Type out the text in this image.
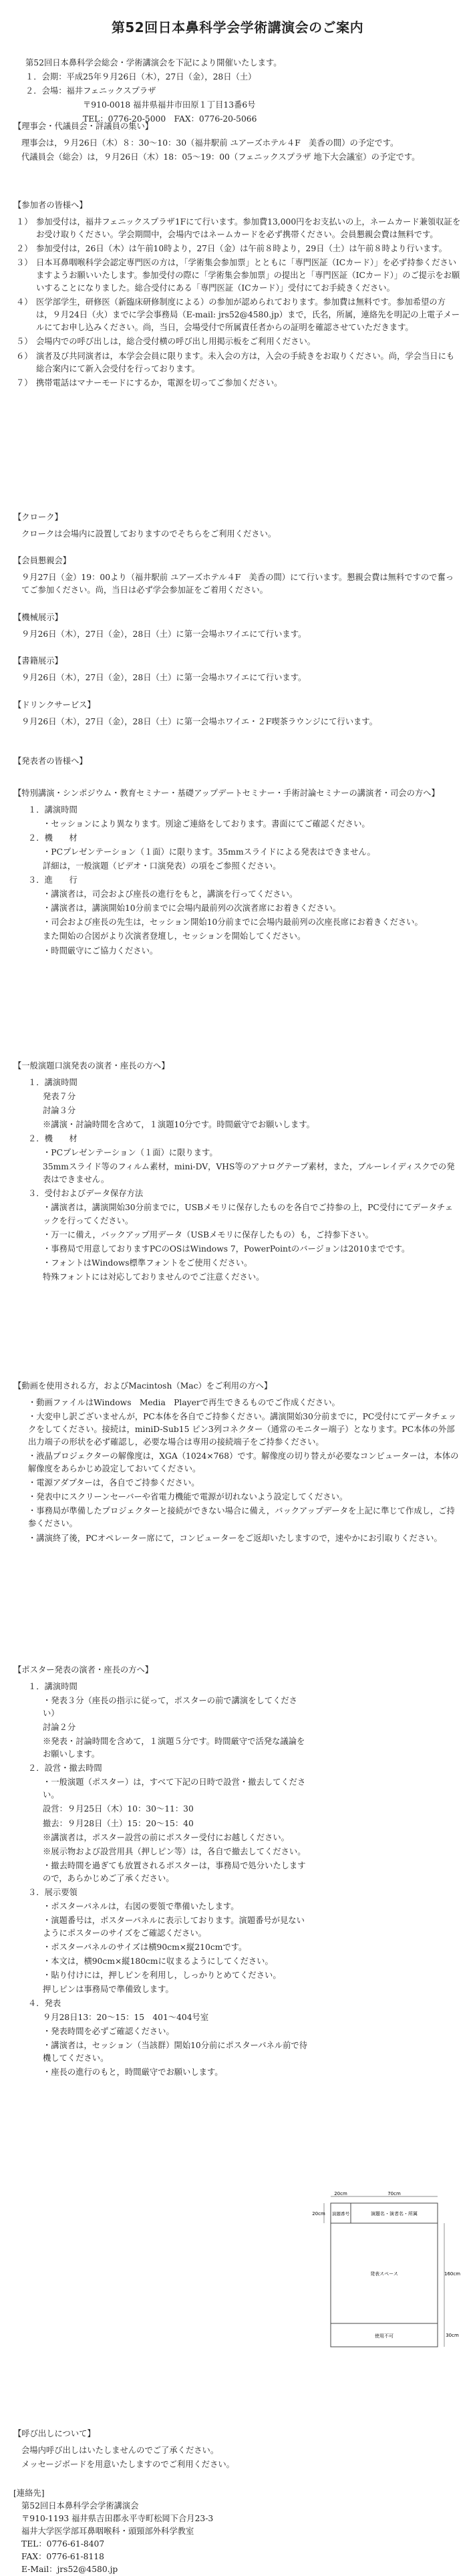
第52回日本鼻科学会学術講演会のご案内
第52回日本鼻科学会総会・学術講演会を下記により開催いたします。
１．会期：平成25年９月26日（木），27日（金），28日（土）
２．会場：福井フェニックスプラザ
〒910-0018 福井県福井市田原１丁目13番6号
TEL：0776-20-5000　FAX：0776-20-5066
【理事会・代議員会・評議員の集い】
理事会は，９月26日（木）８：30～10：30（福井駅前 ユアーズホテル４F　美香の間）の予定です。
代議員会（総会）は，９月26日（木）18：05～19：00（フェニックスプラザ 地下大会議室）の予定です。
【参加者の皆様へ】
１） 参加受付は，福井フェニックスプラザ1Fにて行います。参加費13,000円をお支払いの上，ネームカード兼領収証をお受け取りください。学会期間中，会場内ではネームカードを必ず携帯ください。会員懇親会費は無料です。
２） 参加受付は，26日（木）は午前10時より，27日（金）は午前８時より，29日（土）は午前８時より行います。
３） 日本耳鼻咽喉科学会認定専門医の方は，「学術集会参加票」とともに「専門医証（ICカード）」を必ず持参くださいますようお願いいたします。参加受付の際に「学術集会参加票」の提出と「専門医証（ICカード）」のご提示をお願いすることになりました。総合受付にある「専門医証（ICカード）」受付にてお手続きください。
４） 医学部学生，研修医（新臨床研修制度による）の参加が認められております。参加費は無料です。参加希望の方は，９月24日（火）までに学会事務局（E-mail: jrs52@4580.jp）まで，氏名，所属，連絡先を明記の上電子メールにてお申し込みください。尚，当日，会場受付で所属責任者からの証明を確認させていただきます。
５） 会場内での呼び出しは，総合受付横の呼び出し用掲示板をご利用ください。
６） 演者及び共同演者は，本学会会員に限ります。未入会の方は，入会の手続きをお取りください。尚，学会当日にも総合案内にて新入会受付を行っております。
７） 携帯電話はマナーモードにするか，電源を切ってご参加ください。
【クローク】
クロークは会場内に設置しておりますのでそちらをご利用ください。
【会員懇親会】
９月27日（金）19：00より（福井駅前 ユアーズホテル４F　美香の間）にて行います。懇親会費は無料ですので奮ってご参加ください。尚，当日は必ず学会参加証をご着用ください。
【機械展示】
９月26日（木），27日（金），28日（土）に第一会場ホワイエにて行います。
【書籍展示】
９月26日（木），27日（金），28日（土）に第一会場ホワイエにて行います。
【ドリンクサービス】
９月26日（木），27日（金），28日（土）に第一会場ホワイエ・２F喫茶ラウンジにて行います。
【発表者の皆様へ】
【特別講演・シンポジウム・教育セミナー・基礎アップデートセミナー・手術討論セミナーの講演者・司会の方へ】
１．講演時間
・セッションにより異なります。別途ご連絡をしております。書面にてご確認ください。
２．機　　材
・PCプレゼンテーション（１面）に限ります。35mmスライドによる発表はできません。
詳細は，一般演題（ビデオ・口演発表）の項をご参照ください。
３．進　　行
・講演者は，司会および座長の進行をもと，講演を行ってください。
・講演者は，講演開始10分前までに会場内最前列の次演者席にお着きください。
・司会および座長の先生は，セッション開始10分前までに会場内最前列の次座長席にお着きください。
また開始の合図がより次演者登壇し，セッションを開始してください。
・時間厳守にご協力ください。
【一般演題口演発表の演者・座長の方へ】
１．講演時間
発表７分
討論３分
※講演・討論時間を含めて，１演題10分です。時間厳守でお願いします。
２．機　　材
・PCプレゼンテーション（１面）に限ります。
35mmスライド等のフィルム素材，mini-DV，VHS等のアナログテープ素材，また，ブルーレイディスクでの発表はできません。
３．受付およびデータ保存方法
・講演者は，講演開始30分前までに，USBメモリに保存したものを各自でご持参の上，PC受付にてデータチェックを行ってください。
・万一に備え，バックアップ用データ（USBメモリに保存したもの）も，ご持参下さい。
・事務局で用意しておりますPCのOSはWindows 7，PowerPointのバージョンは2010までです。
・フォントはWindows標準フォントをご使用ください。
特殊フォントには対応しておりませんのでご注意ください。
【動画を使用される方，およびMacintosh（Mac）をご利用の方へ】
・動画ファイルはWindows　Media　Playerで再生できるものでご作成ください。
・大変申し訳ございませんが，PC本体を各自でご持参ください。講演開始30分前までに，PC受付にてデータチェックをしてください。接続は，miniD-Sub15 ピン3列コネクター（通常のモニター端子）となります。PC本体の外部出力端子の形状を必ず確認し，必要な場合は専用の接続端子をご持参ください。
・液晶プロジェクターの解像度は，XGA（1024×768）です。解像度の切り替えが必要なコンピューターは，本体の解像度をあらかじめ設定しておいてください。
・電源アダプターは，各自でご持参ください。
・発表中にスクリーンセーバーや省電力機能で電源が切れないよう設定してください。
・事務局が準備したプロジェクターと接続ができない場合に備え，バックアップデータを上記に準じて作成し，ご持参ください。
・講演終了後，PCオペレーター席にて，コンピューターをご返却いたしますので，速やかにお引取りください。
【ポスター発表の演者・座長の方へ】
１．講演時間
・発表３分（座長の指示に従って，ポスターの前で講演をしてください）
討論２分
※発表・討論時間を含めて，１演題５分です。時間厳守で活発な議論をお願いします。
２．設営・撤去時間
・一般演題（ポスター）は，すべて下記の日時で設営・撤去してください。
設営：９月25日（木）10：30～11：30
撤去：９月28日（土）15：20～15：40
※講演者は，ポスター設営の前にポスター受付にお越しください。
※展示物および設営用具（押しピン等）は，各自で撤去してください。
・撤去時間を過ぎても放置されるポスターは，事務局で処分いたしますので，あらかじめご了承ください。
３．展示要領
・ポスターパネルは，右図の要領で準備いたします。
・演題番号は，ポスターパネルに表示しております。演題番号が見ないようにポスターのサイズをご確認ください。
・ポスターパネルのサイズは横90cm×縦210cmです。
・本文は，横90cm×縦180cmに収まるようにしてください。
・貼り付けには，押しピンを利用し，しっかりとめてください。
押しピンは事務局で準備致します。
４．発表
９月28日13：20～15：15　401～404号室
・発表時間を必ずご確認ください。
・講演者は，セッション（当該群）開始10分前にポスターパネル前で待機してください。
・座長の進行のもと，時間厳守でお願いします。
20cm	70cm
20cm
160cm
30cm
演題番号	演題名・演者名・所属
発表スペース
使用不可
【呼び出しについて】
会場内呼び出しはいたしませんのでご了承ください。
メッセージボードを用意いたしますのでご利用ください。
[連絡先]
第52回日本鼻科学会学術講演会
〒910-1193 福井県吉田郡永平寺町松岡下合月23-3
福井大学医学部耳鼻咽喉科・頭頸部外科学教室
TEL：0776-61-8407
FAX：0776-61-8118
E-Mail：jrs52@4580.jp
